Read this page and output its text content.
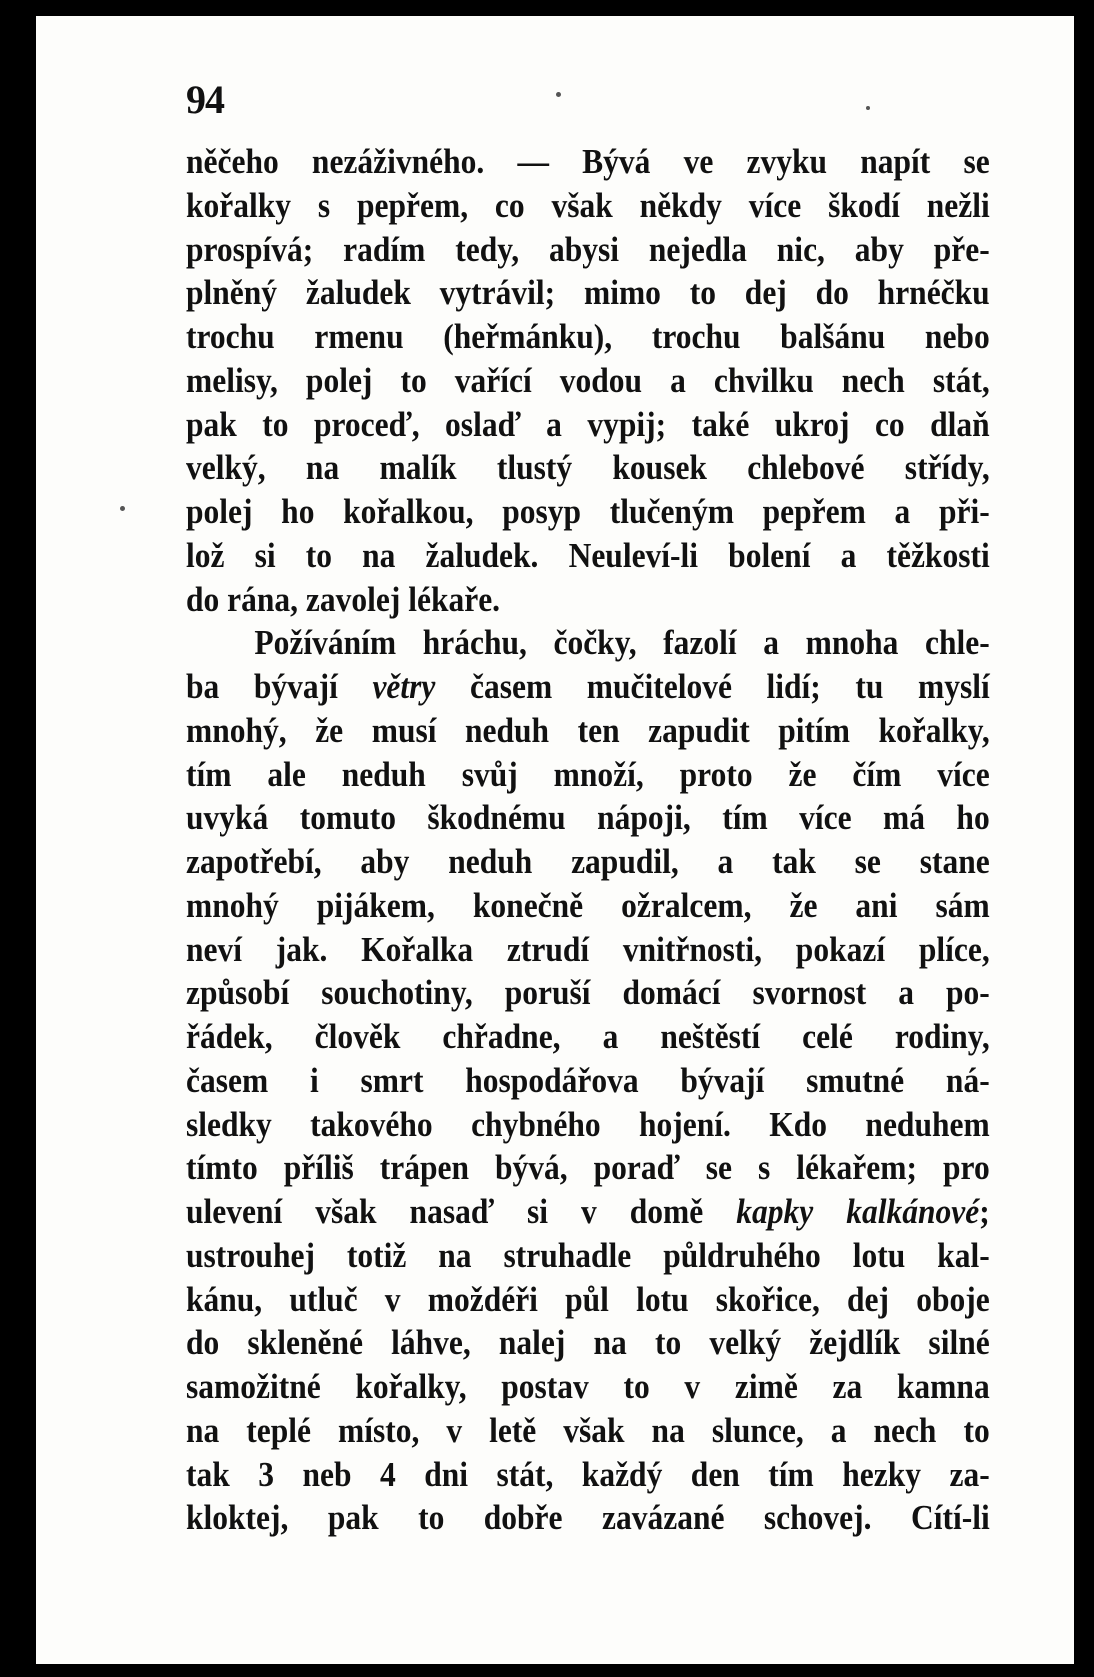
94
něčeho nezáživného. — Bývá ve zvyku napít se
kořalky s pepřem, co však někdy více škodí nežli
prospívá; radím tedy, abysi nejedla nic, aby pře-
plněný žaludek vytrávil; mimo to dej do hrnéčku
trochu rmenu (heřmánku), trochu balšánu nebo
melisy, polej to vařící vodou a chvilku nech stát,
pak to proceď, oslaď a vypij; také ukroj co dlaň
velký, na malík tlustý kousek chlebové střídy,
polej ho kořalkou, posyp tlučeným pepřem a při-
lož si to na žaludek. Neuleví-li bolení a těžkosti
do rána, zavolej lékaře.
Požíváním hráchu, čočky, fazolí a mnoha chle-
ba bývají větry časem mučitelové lidí; tu myslí
mnohý, že musí neduh ten zapudit pitím kořalky,
tím ale neduh svůj množí, proto že čím více
uvyká tomuto škodnému nápoji, tím více má ho
zapotřebí, aby neduh zapudil, a tak se stane
mnohý pijákem, konečně ožralcem, že ani sám
neví jak. Kořalka ztrudí vnitřnosti, pokazí plíce,
způsobí souchotiny, poruší domácí svornost a po-
řádek, člověk chřadne, a neštěstí celé rodiny,
časem i smrt hospodářova bývají smutné ná-
sledky takového chybného hojení. Kdo neduhem
tímto příliš trápen bývá, poraď se s lékařem; pro
ulevení však nasaď si v domě kapky kalkánové;
ustrouhej totiž na struhadle půldruhého lotu kal-
kánu, utluč v moždéři půl lotu skořice, dej oboje
do skleněné láhve, nalej na to velký žejdlík silné
samožitné kořalky, postav to v zimě za kamna
na teplé místo, v letě však na slunce, a nech to
tak 3 neb 4 dni stát, každý den tím hezky za-
kloktej, pak to dobře zavázané schovej. Cítí-li
